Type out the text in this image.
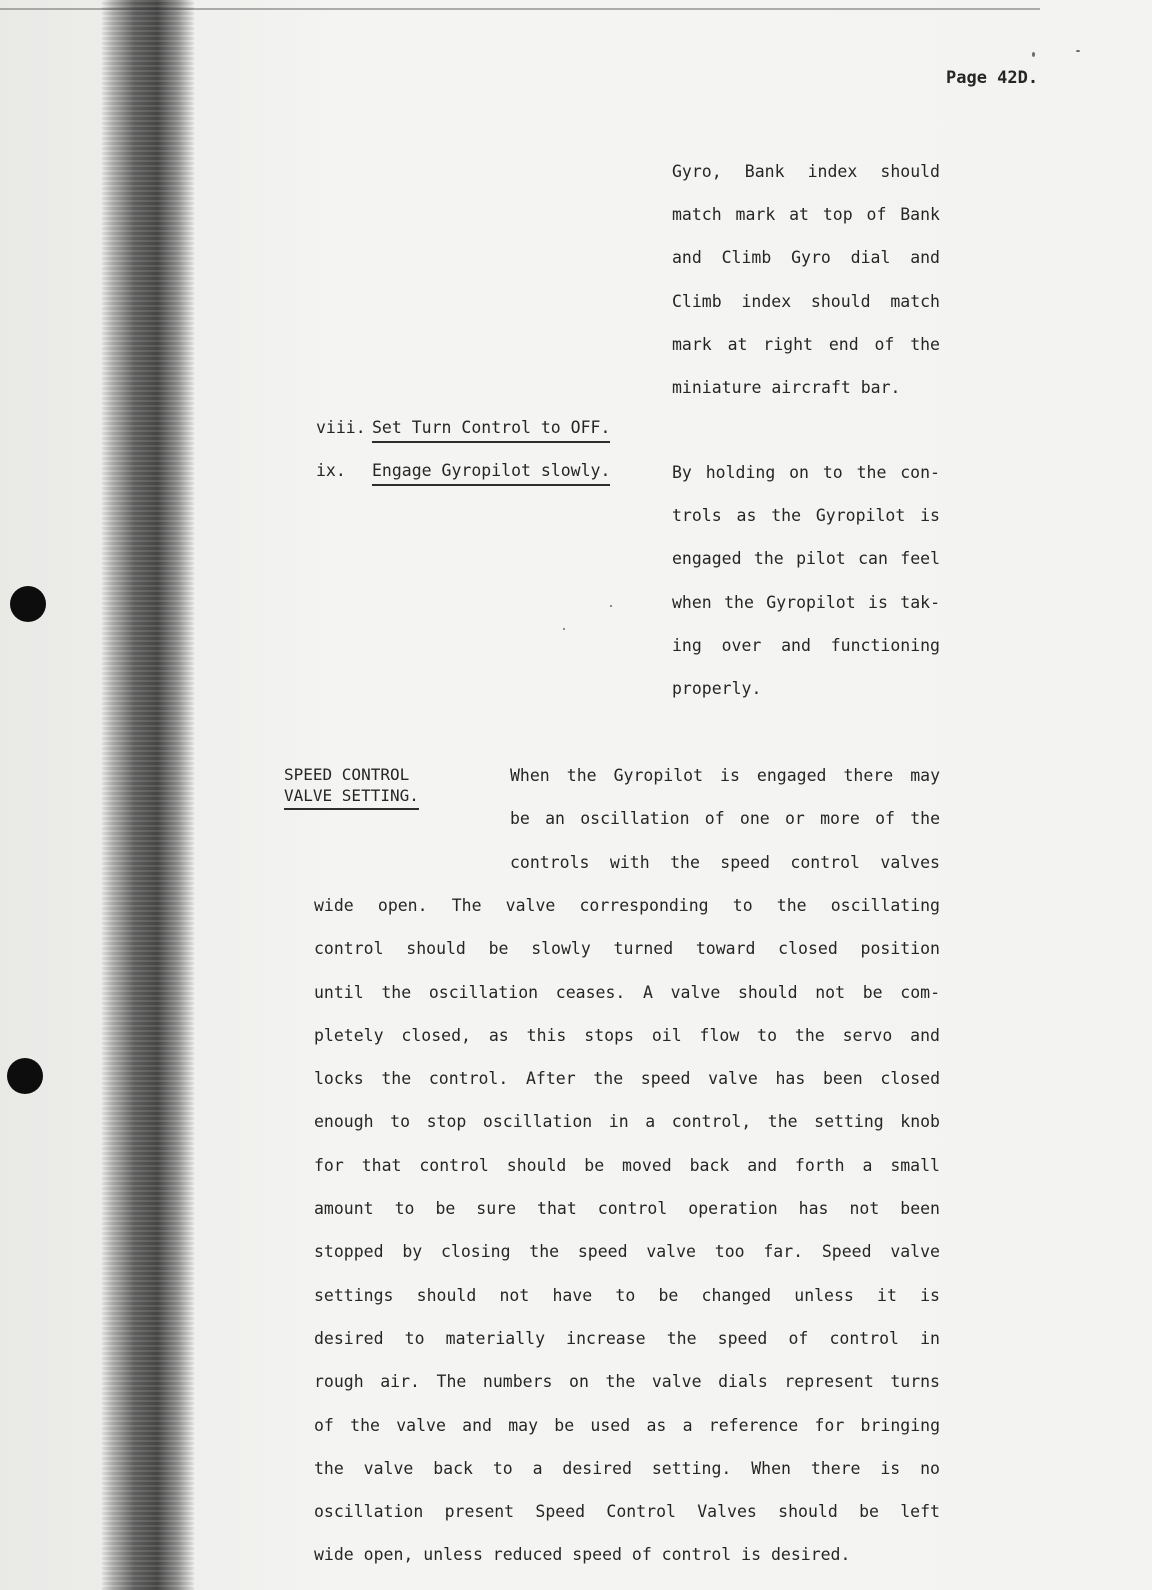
Page 42D.
Gyro, Bank index should
match mark at top of Bank
and Climb Gyro dial and
Climb index should match
mark at right end of the
miniature aircraft bar.
viii. Set Turn Control to OFF.
ix. Engage Gyropilot slowly.	By holding on to the con-
trols as the Gyropilot is
engaged the pilot can feel
when the Gyropilot is tak-
ing over and functioning
properly.
SPEED CONTROL
VALVE SETTING.
When the Gyropilot is engaged there may
be an oscillation of one or more of the
controls with the speed control valves
wide open. The valve corresponding to the oscillating
control should be slowly turned toward closed position
until the oscillation ceases. A valve should not be com-
pletely closed, as this stops oil flow to the servo and
locks the control. After the speed valve has been closed
enough to stop oscillation in a control, the setting knob
for that control should be moved back and forth a small
amount to be sure that control operation has not been
stopped by closing the speed valve too far. Speed valve
settings should not have to be changed unless it is
desired to materially increase the speed of control in
rough air. The numbers on the valve dials represent turns
of the valve and may be used as a reference for bringing
the valve back to a desired setting. When there is no
oscillation present Speed Control Valves should be left
wide open, unless reduced speed of control is desired.
